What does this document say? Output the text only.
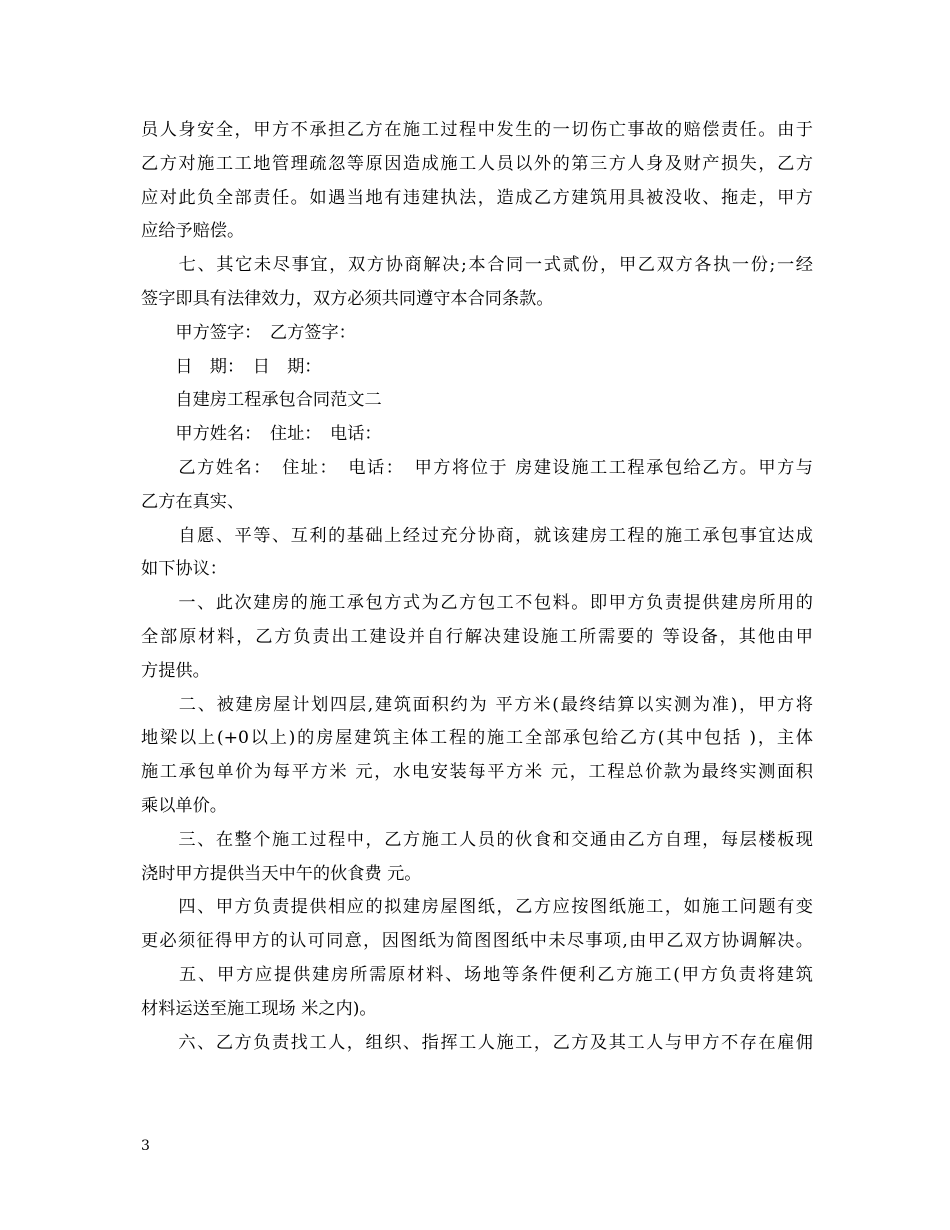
员人身安全，甲方不承担乙方在施工过程中发生的一切伤亡事故的赔偿责任。由于
乙方对施工工地管理疏忽等原因造成施工人员以外的第三方人身及财产损失，乙方
应对此负全部责任。如遇当地有违建执法，造成乙方建筑用具被没收、拖走，甲方
应给予赔偿。
　　七、其它未尽事宜，双方协商解决;本合同一式贰份，甲乙双方各执一份;一经
签字即具有法律效力，双方必须共同遵守本合同条款。
　　甲方签字：　乙方签字：
　　日　期：　日　期：
　　自建房工程承包合同范文二
　　甲方姓名：　住址：　电话：
　　乙方姓名：　住址：　电话：　甲方将位于 房建设施工工程承包给乙方。甲方与
乙方在真实、
　　自愿、平等、互利的基础上经过充分协商，就该建房工程的施工承包事宜达成
如下协议：
　　一、此次建房的施工承包方式为乙方包工不包料。即甲方负责提供建房所用的
全部原材料，乙方负责出工建设并自行解决建设施工所需要的 等设备，其他由甲
方提供。
　　二、被建房屋计划四层,建筑面积约为 平方米(最终结算以实测为准)，甲方将
地梁以上(+0以上)的房屋建筑主体工程的施工全部承包给乙方(其中包括 )，主体
施工承包单价为每平方米 元，水电安装每平方米 元，工程总价款为最终实测面积
乘以单价。
　　三、在整个施工过程中，乙方施工人员的伙食和交通由乙方自理，每层楼板现
浇时甲方提供当天中午的伙食费 元。
　　四、甲方负责提供相应的拟建房屋图纸，乙方应按图纸施工，如施工问题有变
更必须征得甲方的认可同意，因图纸为简图图纸中未尽事项,由甲乙双方协调解决。
　　五、甲方应提供建房所需原材料、场地等条件便利乙方施工(甲方负责将建筑
材料运送至施工现场 米之内)。
　　六、乙方负责找工人，组织、指挥工人施工，乙方及其工人与甲方不存在雇佣
3
